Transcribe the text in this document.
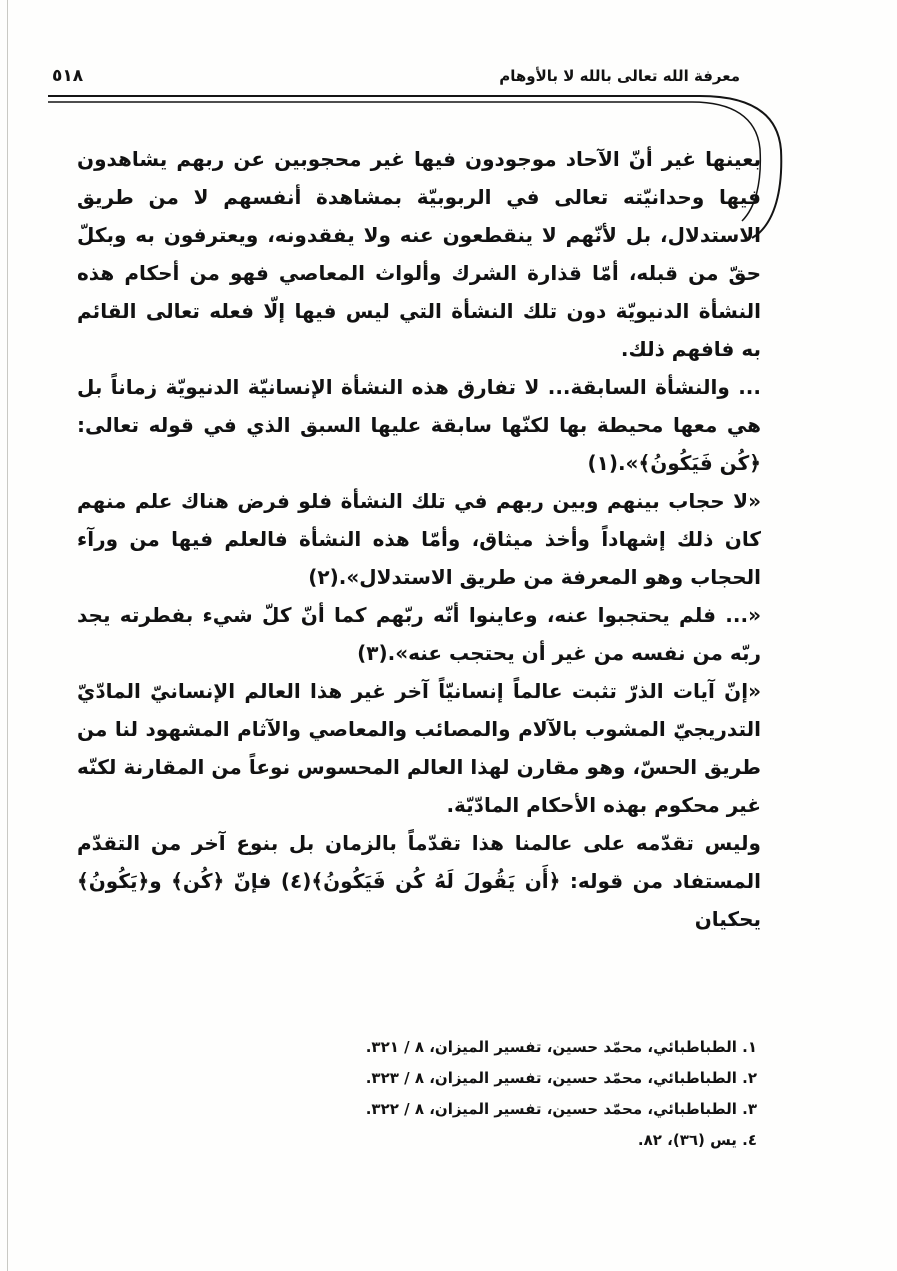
٥١٨	معرفة الله تعالى بالله لا بالأوهام

بعينها غير أنّ الآحاد موجودون فيها غير محجوبين عن ربهم يشاهدون فيها وحدانيّته تعالى في الربوبيّة بمشاهدة أنفسهم لا من طريق الاستدلال، بل لأنّهم لا ينقطعون عنه ولا يفقدونه، ويعترفون به وبكلّ حقّ من قبله، أمّا قذارة الشرك وألواث المعاصي فهو من أحكام هذه النشأة الدنيويّة دون تلك النشأة التي ليس فيها إلّا فعله تعالى القائم به فافهم ذلك.

... والنشأة السابقة... لا تفارق هذه النشأة الإنسانيّة الدنيويّة زماناً بل هي معها محيطة بها لكنّها سابقة عليها السبق الذي في قوله تعالى: ﴿كُن فَيَكُونُ﴾».(١)

«لا حجاب بينهم وبين ربهم في تلك النشأة فلو فرض هناك علم منهم كان ذلك إشهاداً وأخذ ميثاق، وأمّا هذه النشأة فالعلم فيها من ورآء الحجاب وهو المعرفة من طريق الاستدلال».(٢)

«... فلم يحتجبوا عنه، وعاينوا أنّه ربّهم كما أنّ كلّ شيء بفطرته يجد ربّه من نفسه من غير أن يحتجب عنه».(٣)

«إنّ آيات الذرّ تثبت عالماً إنسانيّاً آخر غير هذا العالم الإنسانيّ المادّيّ التدريجيّ المشوب بالآلام والمصائب والمعاصي والآثام المشهود لنا من طريق الحسّ، وهو مقارن لهذا العالم المحسوس نوعاً من المقارنة لكنّه غير محكوم بهذه الأحكام المادّيّة.

وليس تقدّمه على عالمنا هذا تقدّماً بالزمان بل بنوع آخر من التقدّم المستفاد من قوله: ﴿أَن يَقُولَ لَهُ كُن فَيَكُونُ﴾(٤) فإنّ ﴿كُن﴾ و﴿يَكُونُ﴾ يحكيان

١. الطباطبائي، محمّد حسين، تفسير الميزان، ٨ / ٣٢١.

٢. الطباطبائي، محمّد حسين، تفسير الميزان، ٨ / ٣٢٣.

٣. الطباطبائي، محمّد حسين، تفسير الميزان، ٨ / ٣٢٢.

٤. يس (٣٦)، ٨٢.
